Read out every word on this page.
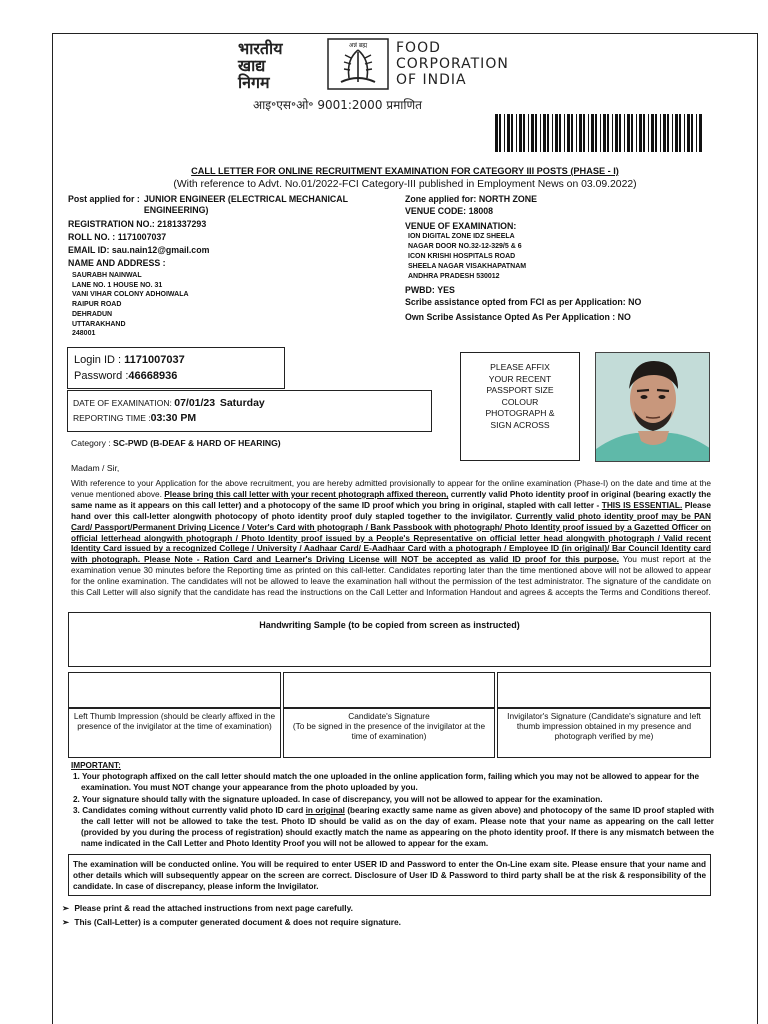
भारतीय
खाद्य
निगम
अन्नं ब्रह्म FOOD
CORPORATION
OF INDIA
आइ॰एस॰ओ॰ 9001:2000 प्रमाणित
CALL LETTER FOR ONLINE RECRUITMENT EXAMINATION FOR CATEGORY III POSTS (PHASE - I)
(With reference to Advt. No.01/2022-FCI Category-III published in Employment News on 03.09.2022)
Post applied for : JUNIOR ENGINEER (ELECTRICAL MECHANICAL ENGINEERING)
REGISTRATION NO.: 2181337293
ROLL NO. : 1171007037
EMAIL ID: sau.nain12@gmail.com
NAME AND ADDRESS :
SAURABH NAINWAL
LANE NO. 1 HOUSE NO. 31
VANI VIHAR COLONY ADHOIWALA
RAIPUR ROAD
DEHRADUN
UTTARAKHAND
248001
Zone applied for: NORTH ZONE
VENUE CODE: 18008
VENUE OF EXAMINATION:
ION DIGITAL ZONE IDZ SHEELA
NAGAR DOOR NO.32-12-329/5 & 6
ICON KRISHI HOSPITALS ROAD
SHEELA NAGAR VISAKHAPATNAM
ANDHRA PRADESH 530012
PWBD: YES
Scribe assistance opted from FCI as per Application: NO
Own Scribe Assistance Opted As Per Application : NO
Login ID : 1171007037
Password :46668936
DATE OF EXAMINATION: 07/01/23 Saturday
REPORTING TIME :03:30 PM
PLEASE AFFIX
YOUR RECENT
PASSPORT SIZE
COLOUR
PHOTOGRAPH &
SIGN ACROSS
Category : SC-PWD (B-DEAF & HARD OF HEARING)
Madam / Sir,
With reference to your Application for the above recruitment, you are hereby admitted provisionally to appear for the online examination (Phase-I) on the date and time at the venue mentioned above. Please bring this call letter with your recent photograph affixed thereon, currently valid Photo identity proof in original (bearing exactly the same name as it appears on this call letter) and a photocopy of the same ID proof which you bring in original, stapled with call letter - THIS IS ESSENTIAL. Please hand over this call-letter alongwith photocopy of photo identity proof duly stapled together to the invigilator. Currently valid photo identity proof may be PAN Card/ Passport/Permanent Driving Licence / Voter's Card with photograph / Bank Passbook with photograph/ Photo Identity proof issued by a Gazetted Officer on official letterhead alongwith photograph / Photo Identity proof issued by a People's Representative on official letter head alongwith photograph / Valid recent Identity Card issued by a recognized College / University / Aadhaar Card/ E-Aadhaar Card with a photograph / Employee ID (in original)/ Bar Council Identity card with photograph. Please Note - Ration Card and Learner's Driving License will NOT be accepted as valid ID proof for this purpose. You must report at the examination venue 30 minutes before the Reporting time as printed on this call-letter. Candidates reporting later than the time mentioned above will not be allowed to appear for the online examination. The candidates will not be allowed to leave the examination hall without the permission of the test administrator. The signature of the candidate on this Call Letter will also signify that the candidate has read the instructions on the Call Letter and Information Handout and agrees & accepts the Terms and Conditions thereof.
Handwriting Sample (to be copied from screen as instructed)
Left Thumb Impression (should be clearly affixed in the presence of the invigilator at the time of examination)
Candidate's Signature
(To be signed in the presence of the invigilator at the time of examination)
Invigilator's Signature (Candidate's signature and left thumb impression obtained in my presence and photograph verified by me)
IMPORTANT:
1. Your photograph affixed on the call letter should match the one uploaded in the online application form, failing which you may not be allowed to appear for the examination. You must NOT change your appearance from the photo uploaded by you.
2. Your signature should tally with the signature uploaded. In case of discrepancy, you will not be allowed to appear for the examination.
3. Candidates coming without currently valid photo ID card in original (bearing exactly same name as given above) and photocopy of the same ID proof stapled with the call letter will not be allowed to take the test. Photo ID should be valid as on the day of exam. Please note that your name as appearing on the call letter (provided by you during the process of registration) should exactly match the name as appearing on the photo identity proof. If there is any mismatch between the name indicated in the Call Letter and Photo Identity Proof you will not be allowed to appear for the exam.
The examination will be conducted online. You will be required to enter USER ID and Password to enter the On-Line exam site. Please ensure that your name and other details which will subsequently appear on the screen are correct. Disclosure of User ID & Password to third party shall be at the risk & responsibility of the candidate. In case of discrepancy, please inform the Invigilator.
➢ Please print & read the attached instructions from next page carefully.
➢ This (Call-Letter) is a computer generated document & does not require signature.
